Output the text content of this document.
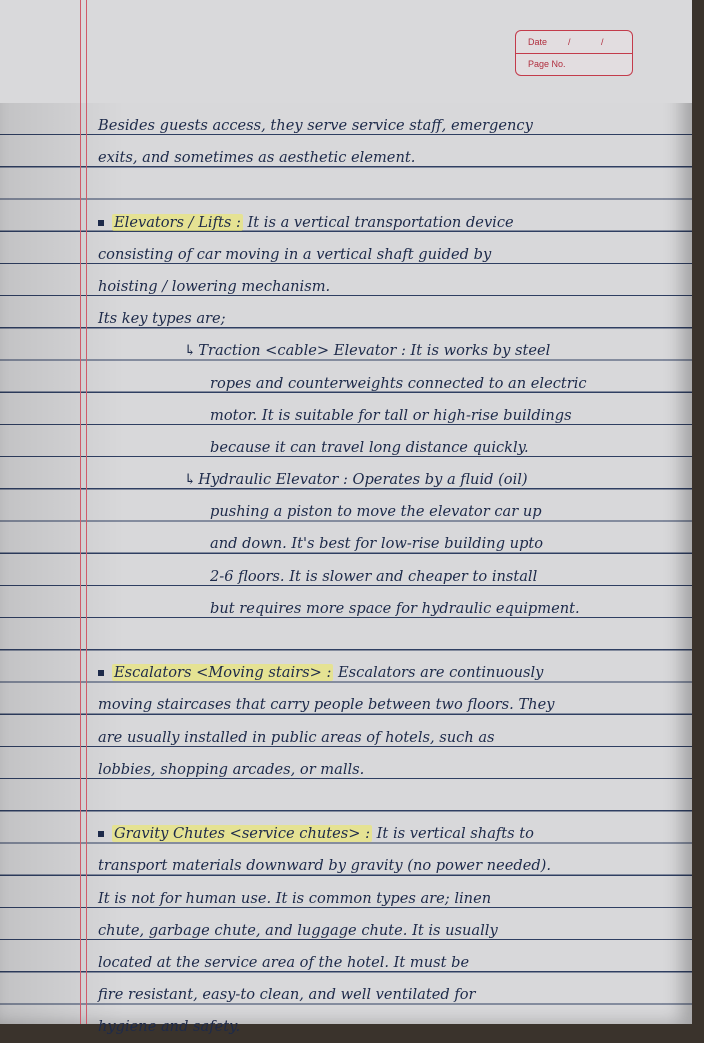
Date / /
Page No.
Besides guests access, they serve service staff, emergency
exits, and sometimes as aesthetic element.
Elevators / Lifts : It is a vertical transportation device
consisting of car moving in a vertical shaft guided by
hoisting / lowering mechanism.
Its key types are;
↳ Traction <cable> Elevator : It is works by steel
ropes and counterweights connected to an electric
motor. It is suitable for tall or high-rise buildings
because it can travel long distance quickly.
↳ Hydraulic Elevator : Operates by a fluid (oil)
pushing a piston to move the elevator car up
and down. It's best for low-rise building upto
2-6 floors. It is slower and cheaper to install
but requires more space for hydraulic equipment.
Escalators <Moving stairs> : Escalators are continuously
moving staircases that carry people between two floors. They
are usually installed in public areas of hotels, such as
lobbies, shopping arcades, or malls.
Gravity Chutes <service chutes> : It is vertical shafts to
transport materials downward by gravity (no power needed).
It is not for human use. It is common types are; linen
chute, garbage chute, and luggage chute. It is usually
located at the service area of the hotel. It must be
fire resistant, easy-to clean, and well ventilated for
hygiene and safety.
